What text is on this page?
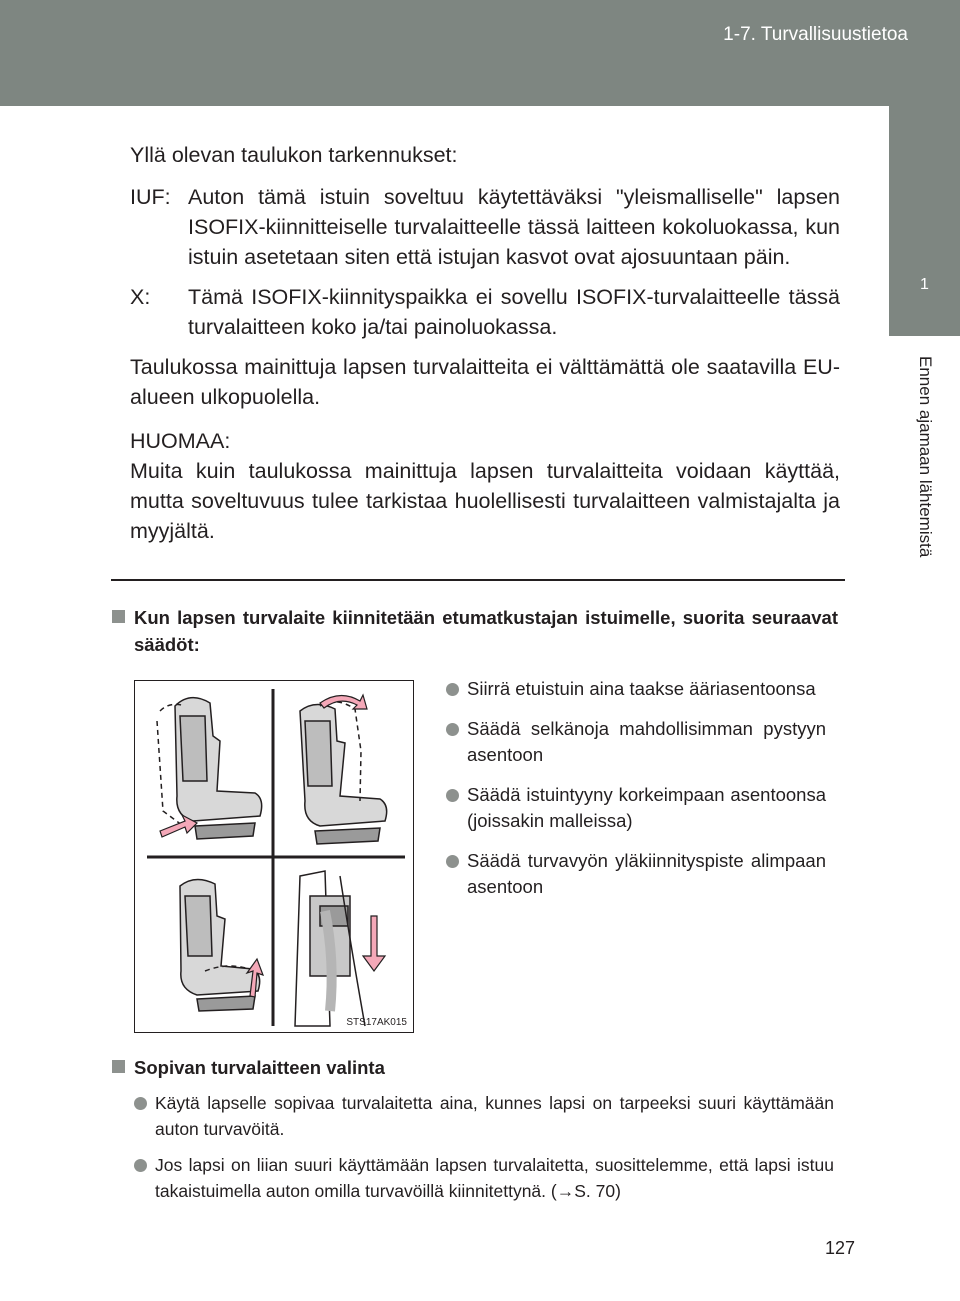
1-7. Turvallisuustietoa
1
Ennen ajamaan lähtemistä

Yllä olevan taulukon tarkennukset:

IUF: Auton tämä istuin soveltuu käytettäväksi "yleismalliselle" lapsen ISOFIX-kiinnitteiselle turvalaitteelle tässä laitteen kokoluokassa, kun istuin asetetaan siten että istujan kasvot ovat ajosuuntaan päin.
X:	Tämä ISOFIX-kiinnityspaikka ei sovellu ISOFIX-turvalaitteelle tässä turvalaitteen koko ja/tai painoluokassa.

Taulukossa mainittuja lapsen turvalaitteita ei välttämättä ole saatavilla EU-alueen ulkopuolella.

HUOMAA:

Muita kuin taulukossa mainittuja lapsen turvalaitteita voidaan käyttää, mutta soveltuvuus tulee tarkistaa huolellisesti turvalaitteen valmistajalta ja myyjältä.

Kun lapsen turvalaite kiinnitetään etumatkustajan istuimelle, suorita seuraavat säädöt:
STS17AK015
Siirrä etuistuin aina taakse ääriasentoonsa
Säädä selkänoja mahdollisimman pystyyn asentoon
Säädä istuintyyny korkeimpaan asentoonsa (joissakin malleissa)
Säädä turvavyön yläkiinnityspiste alimpaan asentoon
Sopivan turvalaitteen valinta
Käytä lapselle sopivaa turvalaitetta aina, kunnes lapsi on tarpeeksi suuri käyttämään auton turvavöitä.
Jos lapsi on liian suuri käyttämään lapsen turvalaitetta, suosittelemme, että lapsi istuu takaistuimella auton omilla turvavöillä kiinnitettynä. (→S. 70)
127
